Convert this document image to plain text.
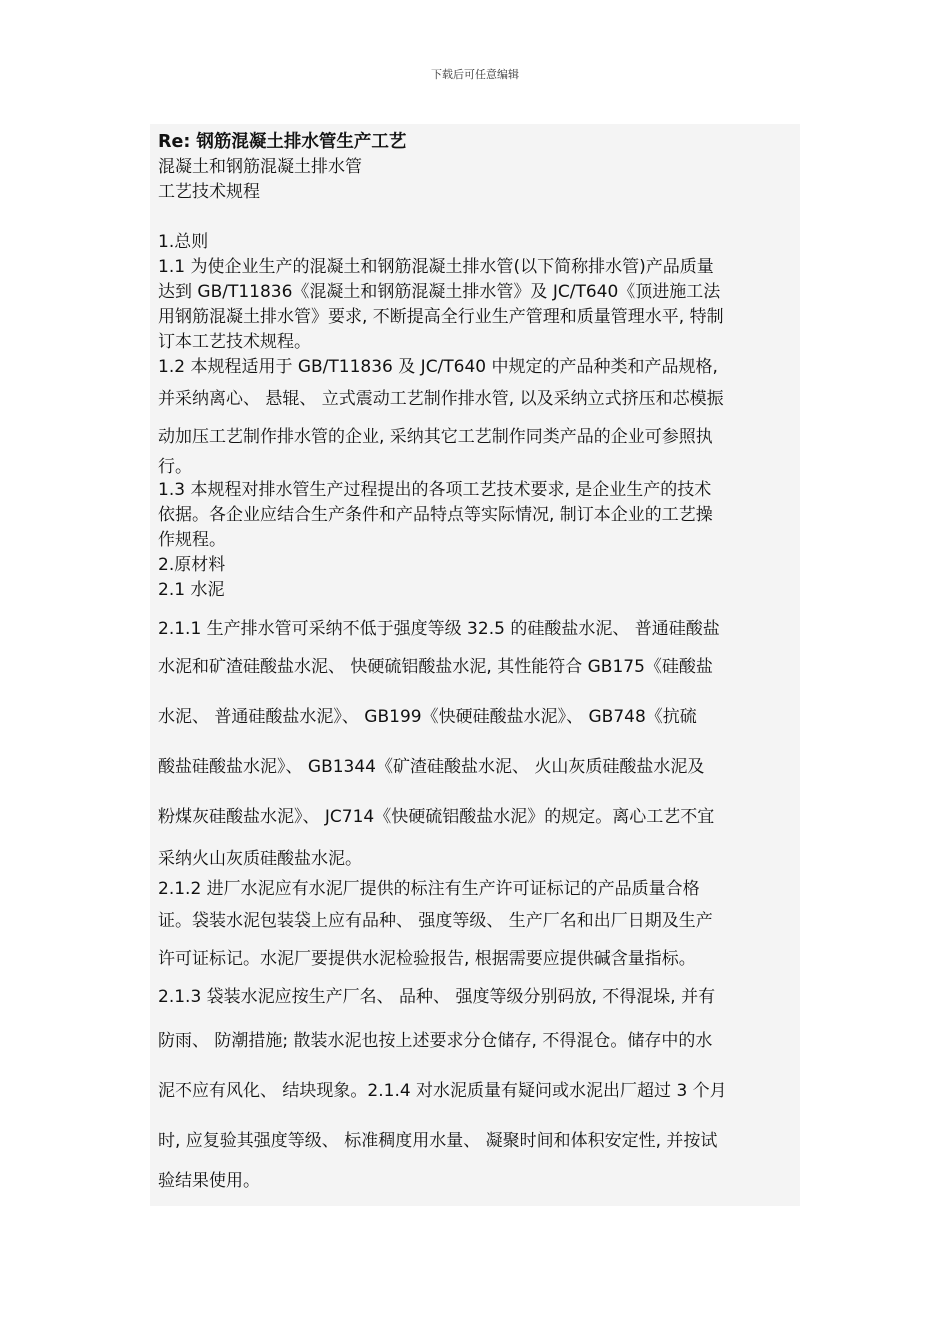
下载后可任意编辑
Re: 钢筋混凝土排水管生产工艺
混凝土和钢筋混凝土排水管
工艺技术规程
1.总则
1.1 为使企业生产的混凝土和钢筋混凝土排水管(以下简称排水管)产品质量
达到 GB/T11836《混凝土和钢筋混凝土排水管》及 JC/T640《顶进施工法
用钢筋混凝土排水管》要求, 不断提高全行业生产管理和质量管理水平, 特制
订本工艺技术规程。
1.2 本规程适用于 GB/T11836 及 JC/T640 中规定的产品种类和产品规格,
并采纳离心、 悬辊、 立式震动工艺制作排水管, 以及采纳立式挤压和芯模振
动加压工艺制作排水管的企业, 采纳其它工艺制作同类产品的企业可参照执
行。
1.3 本规程对排水管生产过程提出的各项工艺技术要求, 是企业生产的技术
依据。各企业应结合生产条件和产品特点等实际情况, 制订本企业的工艺操
作规程。
2.原材料
2.1 水泥
2.1.1 生产排水管可采纳不低于强度等级 32.5 的硅酸盐水泥、 普通硅酸盐
水泥和矿渣硅酸盐水泥、 快硬硫铝酸盐水泥, 其性能符合 GB175《硅酸盐
水泥、 普通硅酸盐水泥》、 GB199《快硬硅酸盐水泥》、 GB748《抗硫
酸盐硅酸盐水泥》、 GB1344《矿渣硅酸盐水泥、 火山灰质硅酸盐水泥及
粉煤灰硅酸盐水泥》、 JC714《快硬硫铝酸盐水泥》的规定。离心工艺不宜
采纳火山灰质硅酸盐水泥。
2.1.2 进厂水泥应有水泥厂提供的标注有生产许可证标记的产品质量合格
证。袋装水泥包装袋上应有品种、 强度等级、 生产厂名和出厂日期及生产
许可证标记。水泥厂要提供水泥检验报告, 根据需要应提供碱含量指标。
2.1.3 袋装水泥应按生产厂名、 品种、 强度等级分别码放, 不得混垛, 并有
防雨、 防潮措施; 散装水泥也按上述要求分仓储存, 不得混仓。储存中的水
泥不应有风化、 结块现象。2.1.4 对水泥质量有疑问或水泥出厂超过 3 个月
时, 应复验其强度等级、 标准稠度用水量、 凝聚时间和体积安定性, 并按试
验结果使用。
